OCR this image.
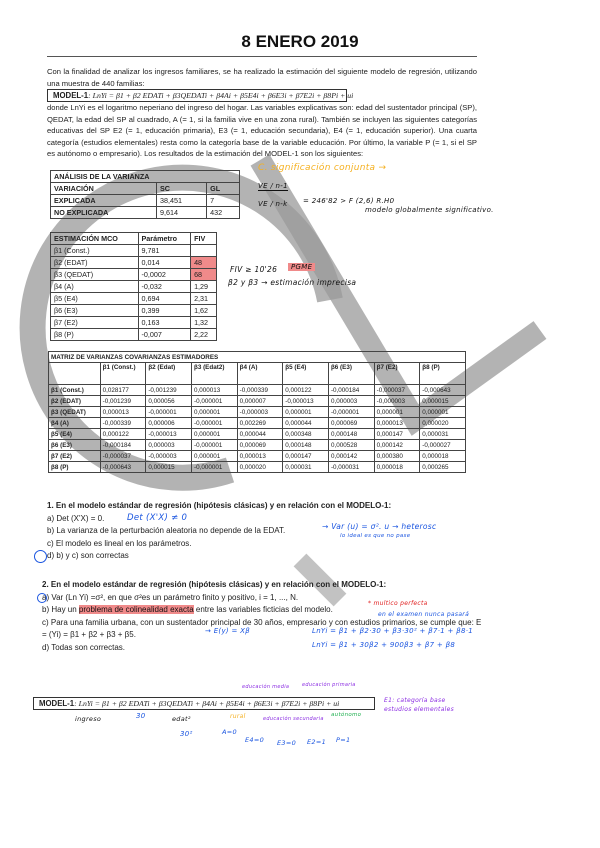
8 ENERO 2019
Con la finalidad de analizar los ingresos familiares, se ha realizado la estimación del siguiente modelo de regresión, utilizando una muestra de 440 familias:
MODEL-1: LnYi = β1 + β2 EDATi + β3QEDATi + β4Ai + β5E4i + β6E3i + β7E2i + β8Pi + ui
donde LnYi es el logaritmo neperiano del ingreso del hogar. Las variables explicativas son: edad del sustentador principal (SP), QEDAT, la edad del SP al cuadrado, A (= 1, si la familia vive en una zona rural). También se incluyen las siguientes categorías educativas del SP E2 (= 1, educación primaria), E3 (= 1, educación secundaria), E4 (= 1, educación superior). Una cuarta categoría (estudios elementales) resta como la categoría base de la variable educación. Por último, la variable P (= 1, si el SP es autónomo o empresario). Los resultados de la estimación del MODEL-1 son los siguientes:
ANÁLISIS DE LA VARIANZA		
VARIACIÓN	SC	GL
EXPLICADA	38,451	7
NO EXPLICADA	9,614	432
ESTIMACIÓN MCO	Parámetro	FIV
β1 (Const.)	9,781	
β2 (EDAT)	0,014	48
β3 (QEDAT)	-0,0002	68
β4 (A)	-0,032	1,29
β5 (E4)	0,694	2,31
β6 (E3)	0,399	1,62
β7 (E2)	0,163	1,32
β8 (P)	-0,007	2,22
MATRIZ DE VARIANZAS COVARIANZAS ESTIMADORES								
	β1 (Const.)	β2 (Edat)	β3 (Edat2)	β4 (A)	β5 (E4)	β6 (E3)	β7 (E2)	β8 (P)
β1 (Const.)	0,028177	-0,001239	0,000013	-0,000339	0,000122	-0,000184	-0,000037	-0,000643
β2 (EDAT)	-0,001239	0,000056	-0,000001	0,000007	-0,000013	0,000003	-0,000003	0,000015
β3 (QEDAT)	0,000013	-0,000001	0,000001	-0,000003	0,000001	-0,000001	0,000001	0,000001
β4 (A)	-0,000339	0,000006	-0,000001	0,002269	0,000044	0,000069	0,000013	0,000020
β5 (E4)	0,000122	-0,000013	0,000001	0,000044	0,000348	0,000148	0,000147	0,000031
β6 (E3)	-0,000184	0,000003	-0,000001	0,000069	0,000148	0,000528	0,000142	-0,000027
β7 (E2)	-0,000037	-0,000003	0,000001	0,000013	0,000147	0,000142	0,000380	0,000018
β8 (P)	-0,000643	0,000015	-0,000001	0,000020	0,000031	-0,000031	0,000018	0,000265
1. En el modelo estándar de regresión (hipótesis clásicas) y en relación con el MODELO-1:
a) Det (X'X) = 0.
b) La varianza de la perturbación aleatoria no depende de la EDAT.
c) El modelo es lineal en los parámetros.
d) b) y c) son correctas
2. En el modelo estándar de regresión (hipótesis clásicas) y en relación con el MODELO-1:
a) Var (Ln Yi) =σ², en que σ²es un parámetro finito y positivo, i = 1, ..., N.
b) Hay un problema de colinealidad exacta entre las variables ficticias del modelo.
c) Para una familia urbana, con un sustentador principal de 30 años, empresario y con estudios primarios, se cumple que: E = (Yi) = β1 + β2 + β3 + β5.
d) Todas son correctas.
MODEL-1: LnYi = β1 + β2 EDATi + β3QEDATi + β4Ai + β5E4i + β6E3i + β7E2i + β8Pi + ui
C. significación conjunta →
VE / n-1
VE / n-k = 246'82 > F (2,6) R.H0
modelo globalmente significativo.
FIV ≥ 10'26	PGME
β2 y β3 → estimación imprecisa
Det (X'X) ≠ 0
→ Var (u) = σ². u → heterosc
lo ideal es que no pase
* multico perfecta
en el examen nunca pasará
→ E(y) = Xβ	LnYi = β1 + β2·30 + β3·30² + β7·1 + β8·1
LnYi = β1 + 30β2 + 900β3 + β7 + β8
ingreso	30	edat²
30²
rural
A=0
educación media	educación primaria
educación secundaria
E4=0 E3=0 E2=1
autónomo
P=1
E1: categoría base
estudios elementales
